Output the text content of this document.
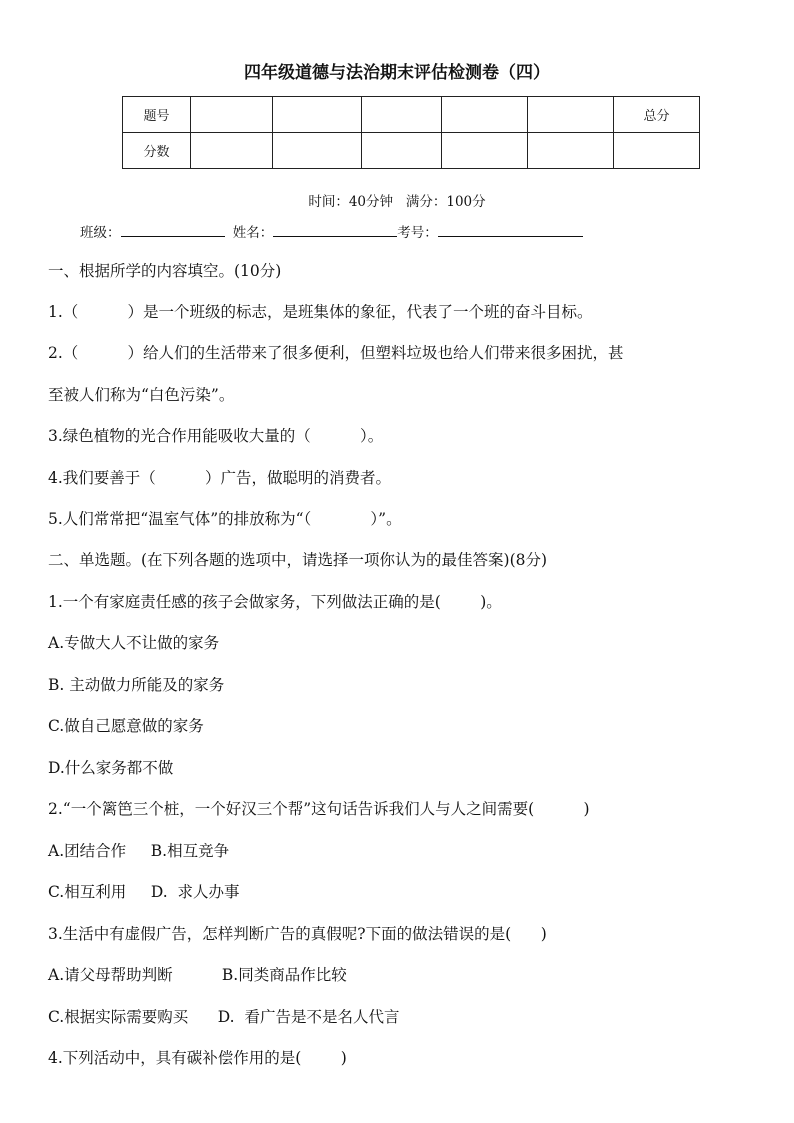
四年级道德与法治期末评估检测卷（四）
题号						总分
分数						
时间：40分钟   满分：100分
班级：	姓名：	考号：
一、根据所学的内容填空。(10分)
1.（          ）是一个班级的标志，是班集体的象征，代表了一个班的奋斗目标。
2.（          ）给人们的生活带来了很多便利，但塑料垃圾也给人们带来很多困扰，甚
至被人们称为“白色污染”。
3.绿色植物的光合作用能吸收大量的（          ）。
4.我们要善于（          ）广告，做聪明的消费者。
5.人们常常把“温室气体”的排放称为“（            ）”。
二、单选题。(在下列各题的选项中，请选择一项你认为的最佳答案)(8分)
1.一个有家庭责任感的孩子会做家务，下列做法正确的是(        )。
A.专做大人不让做的家务
B. 主动做力所能及的家务
C.做自己愿意做的家务
D.什么家务都不做
2.“一个篱笆三个桩，一个好汉三个帮”这句话告诉我们人与人之间需要(          )
A.团结合作     B.相互竞争
C.相互利用     D.  求人办事
3.生活中有虚假广告，怎样判断广告的真假呢?下面的做法错误的是(      )
A.请父母帮助判断          B.同类商品作比较
C.根据实际需要购买      D.  看广告是不是名人代言
4.下列活动中，具有碳补偿作用的是(        )
